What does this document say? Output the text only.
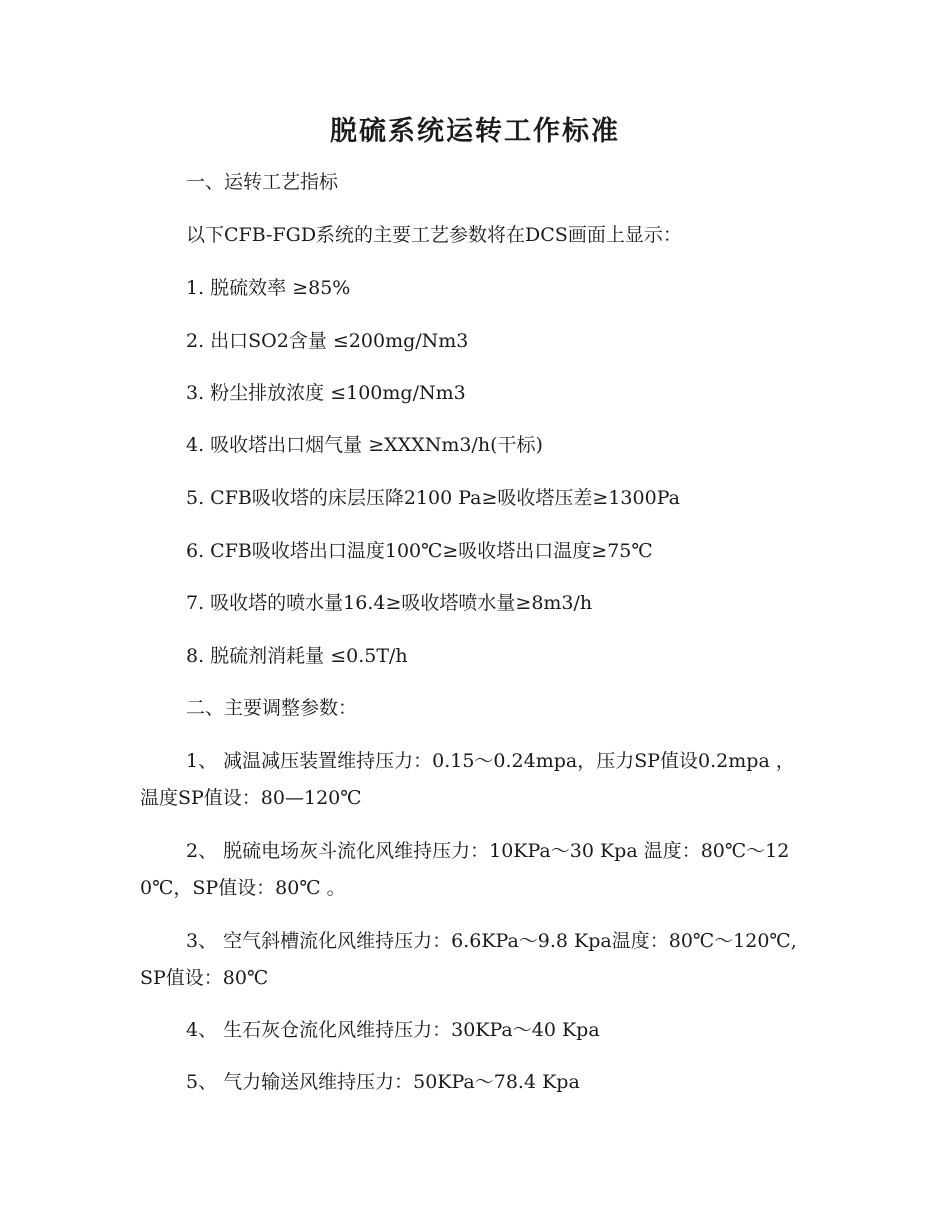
脱硫系统运转工作标准

一、运转工艺指标

以下CFB-FGD系统的主要工艺参数将在DCS画面上显示：

1. 脱硫效率 ≥85%

2. 出口SO2含量 ≤200mg/Nm3

3. 粉尘排放浓度 ≤100mg/Nm3

4. 吸收塔出口烟气量 ≥XXXNm3/h(干标)

5. CFB吸收塔的床层压降2100 Pa≥吸收塔压差≥1300Pa

6. CFB吸收塔出口温度100℃≥吸收塔出口温度≥75℃

7. 吸收塔的喷水量16.4≥吸收塔喷水量≥8m3/h

8. 脱硫剂消耗量 ≤0.5T/h

二、主要调整参数：

1、 减温减压装置维持压力：0.15～0.24mpa，压力SP值设0.2mpa ， 温度SP值设：80—120℃

2、 脱硫电场灰斗流化风维持压力：10KPa～30 Kpa 温度：80℃～120℃，SP值设：80℃ 。

3、 空气斜槽流化风维持压力：6.6KPa～9.8 Kpa温度：80℃～120℃,SP值设：80℃

4、 生石灰仓流化风维持压力：30KPa～40 Kpa

5、 气力输送风维持压力：50KPa～78.4 Kpa
